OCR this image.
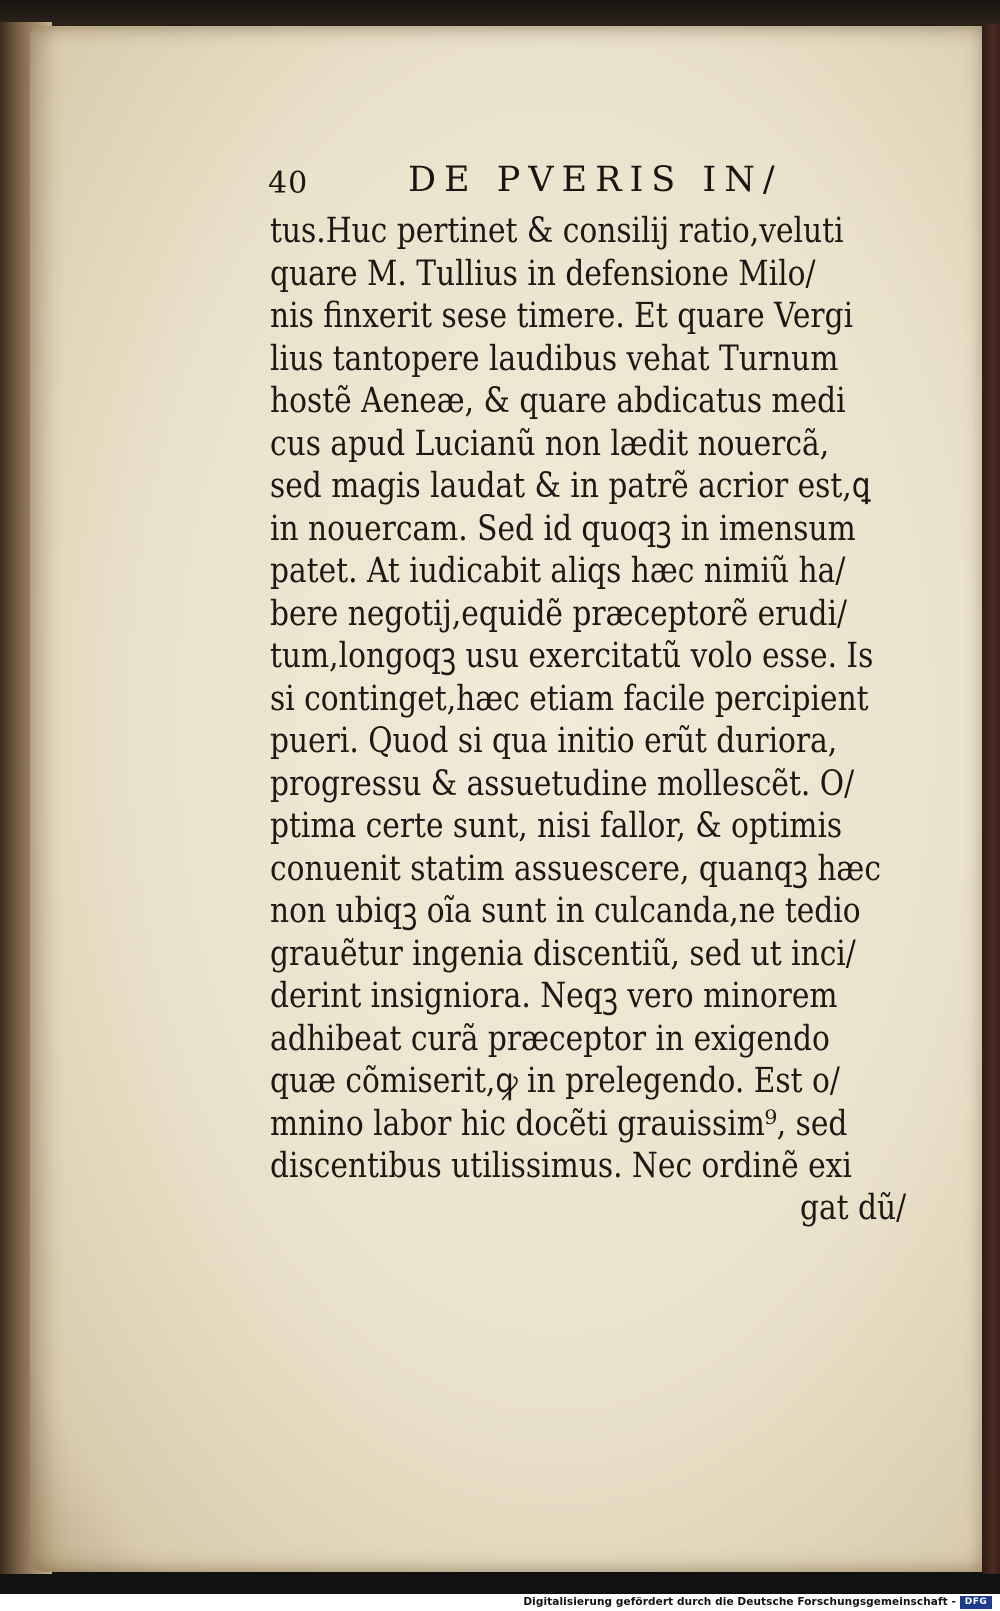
40	DE PVERIS IN/
tus.Huc pertinet & consilij ratio,veluti
quare M. Tullius in defensione Milo/
nis finxerit sese timere. Et quare Vergi
lius tantopere laudibus vehat Turnum
hostẽ Aeneæ, & quare abdicatus medi
cus apud Lucianũ non lædit nouercã,
sed magis laudat & in patrẽ acrior est,ꝗ
in nouercam. Sed id quoqꝫ in imensum
patet. At iudicabit aliqs hæc nimiũ ha/
bere negotij,equidẽ præceptorẽ erudi/
tum,longoqꝫ usu exercitatũ volo esse. Is
si continget,hæc etiam facile percipient
pueri. Quod si qua initio erũt duriora,
progressu & assuetudine mollescẽt. O/
ptima certe sunt, nisi fallor, & optimis
conuenit statim assuescere, quanqꝫ hæc
non ubiqꝫ oĩa sunt in culcanda,ne tedio
grauẽtur ingenia discentiũ, sed ut inci/
derint insigniora. Neqꝫ vero minorem
adhibeat curã præceptor in exigendo
quæ cõmiserit,ꝙ in prelegendo. Est o/
mnino labor hic docẽti grauissim⁹, sed
discentibus utilissimus. Nec ordinẽ exi
gat dũ/
Digitalisierung gefördert durch die Deutsche Forschungsgemeinschaft - DFG
